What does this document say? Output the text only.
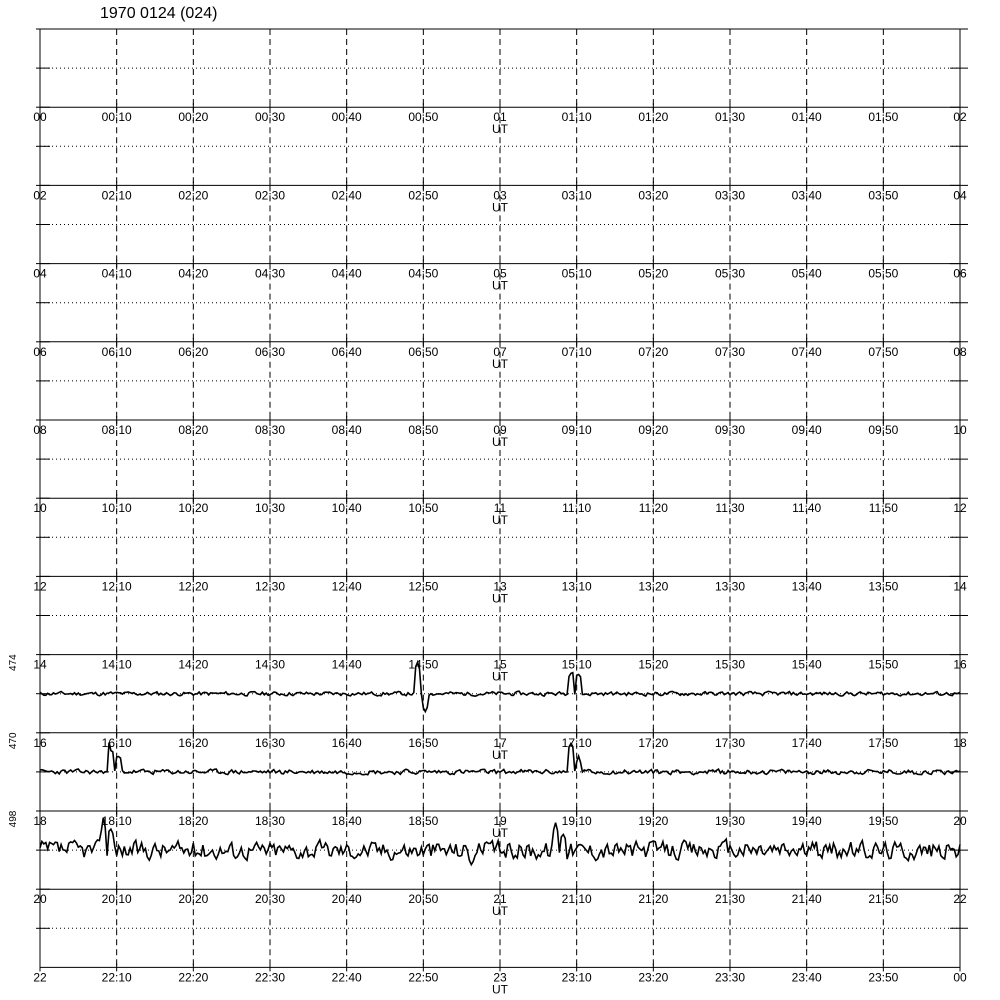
1970 0124 (024)
00	00:10	00:20	00:30	00:40	00:50	01	01:10	01:20	01:30	01:40	01:50	02
UT
02	02:10	02:20	02:30	02:40	02:50	03	03:10	03:20	03:30	03:40	03:50	04
UT
04	04:10	04:20	04:30	04:40	04:50	05	05:10	05:20	05:30	05:40	05:50	06
UT
06	06:10	06:20	06:30	06:40	06:50	07	07:10	07:20	07:30	07:40	07:50	08
UT
08	08:10	08:20	08:30	08:40	08:50	09	09:10	09:20	09:30	09:40	09:50	10
UT
10	10:10	10:20	10:30	10:40	10:50	11	11:10	11:20	11:30	11:40	11:50	12
UT
12	12:10	12:20	12:30	12:40	12:50	13	13:10	13:20	13:30	13:40	13:50	14
UT
14	14:10	14:20	14:30	14:40	14:50	15	15:10	15:20	15:30	15:40	15:50	16
UT
16	16:10	16:20	16:30	16:40	16:50	17	17:10	17:20	17:30	17:40	17:50	18
UT
474
18	18:10	18:20	18:30	18:40	18:50	19	19:10	19:20	19:30	19:40	19:50	20
UT
470
20	20:10	20:20	20:30	20:40	20:50	21	21:10	21:20	21:30	21:40	21:50	22
UT
498
22	22:10	22:20	22:30	22:40	22:50	23	23:10	23:20	23:30	23:40	23:50	00
UT
